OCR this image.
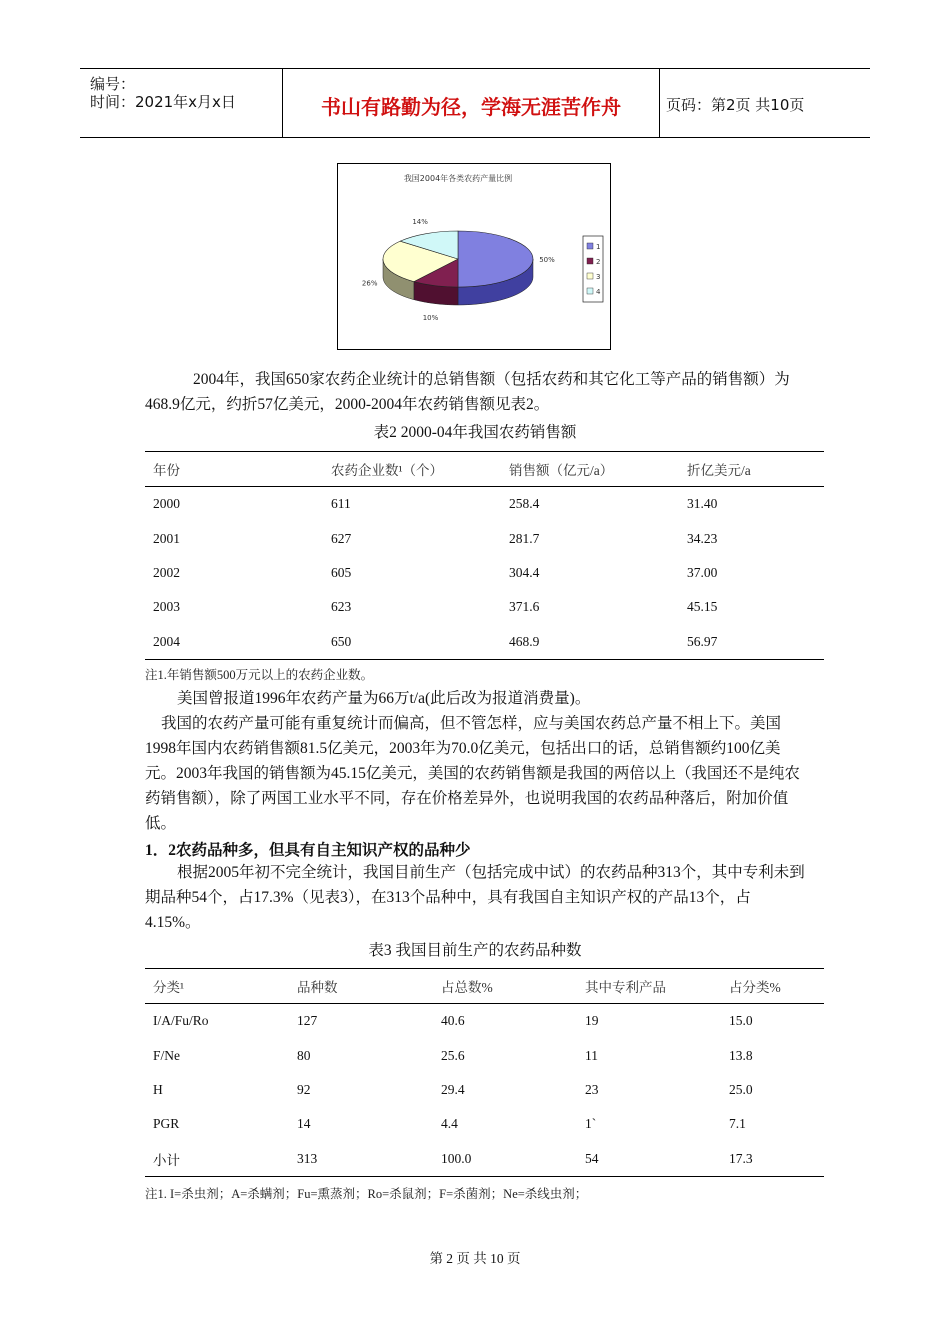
编号：
时间：2021年x月x日	书山有路勤为径，学海无涯苦作舟	页码：第2页 共10页
我国2004年各类农药产量比例
50%
10%
26%
14%
1
2
3
4
2004年，我国650家农药企业统计的总销售额（包括农药和其它化工等产品的销售额）为468.9亿元，约折57亿美元，2000-2004年农药销售额见表2。
表2 2000-04年我国农药销售额
年份	农药企业数¹（个）	销售额（亿元/a）	折亿美元/a
2000	611	258.4	31.40
2001	627	281.7	34.23
2002	605	304.4	37.00
2003	623	371.6	45.15
2004	650	468.9	56.97
注1.年销售额500万元以上的农药企业数。
美国曾报道1996年农药产量为66万t/a(此后改为报道消费量)。
我国的农药产量可能有重复统计而偏高，但不管怎样，应与美国农药总产量不相上下。美国1998年国内农药销售额81.5亿美元，2003年为70.0亿美元，包括出口的话，总销售额约100亿美元。2003年我国的销售额为45.15亿美元，美国的农药销售额是我国的两倍以上（我国还不是纯农药销售额），除了两国工业水平不同，存在价格差异外，也说明我国的农药品种落后，附加价值低。
1．2农药品种多，但具有自主知识产权的品种少
根据2005年初不完全统计，我国目前生产（包括完成中试）的农药品种313个，其中专利未到期品种54个，占17.3%（见表3），在313个品种中，具有我国自主知识产权的产品13个，占4.15%。
表3 我国目前生产的农药品种数
分类¹	品种数	占总数%	其中专利产品	占分类%
I/A/Fu/Ro	127	40.6	19	15.0
F/Ne	80	25.6	11	13.8
H	92	29.4	23	25.0
PGR	14	4.4	1`	7.1
小计	313	100.0	54	17.3
注1. I=杀虫剂；A=杀螨剂；Fu=熏蒸剂；Ro=杀鼠剂；F=杀菌剂；Ne=杀线虫剂；
第 2 页 共 10 页
